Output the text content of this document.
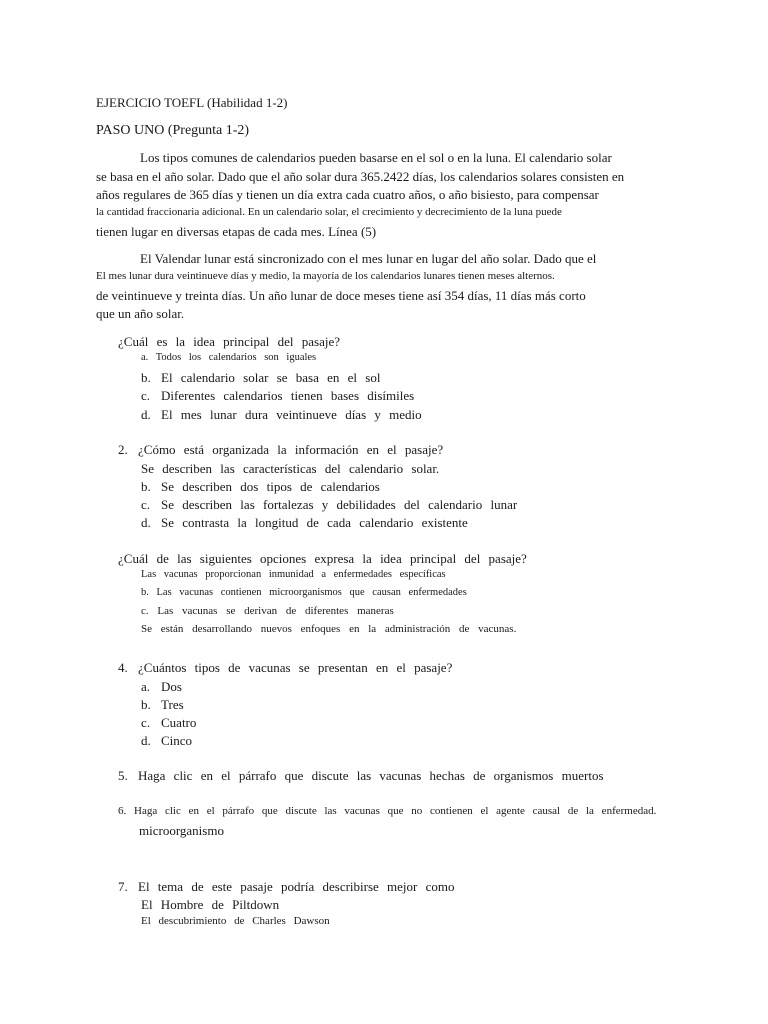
EJERCICIO TOEFL (Habilidad 1-2)
PASO UNO (Pregunta 1-2)
Los tipos comunes de calendarios pueden basarse en el sol o en la luna. El calendario solar
se basa en el año solar. Dado que el año solar dura 365.2422 días, los calendarios solares consisten en
años regulares de 365 días y tienen un día extra cada cuatro años, o año bisiesto, para compensar
la cantidad fraccionaria adicional. En un calendario solar, el crecimiento y decrecimiento de la luna puede
tienen lugar en diversas etapas de cada mes. Línea (5)
El Valendar lunar está sincronizado con el mes lunar en lugar del año solar. Dado que el
El mes lunar dura veintinueve días y medio, la mayoría de los calendarios lunares tienen meses alternos.
de veintinueve y treinta días. Un año lunar de doce meses tiene así 354 días, 11 días más corto
que un año solar.
¿Cuál es la idea principal del pasaje?
a. Todos los calendarios son iguales
b. El calendario solar se basa en el sol
c. Diferentes calendarios tienen bases disímiles
d. El mes lunar dura veintinueve días y medio
2. ¿Cómo está organizada la información en el pasaje?
Se describen las características del calendario solar.
b. Se describen dos tipos de calendarios
c. Se describen las fortalezas y debilidades del calendario lunar
d. Se contrasta la longitud de cada calendario existente
¿Cuál de las siguientes opciones expresa la idea principal del pasaje?
Las vacunas proporcionan inmunidad a enfermedades específicas
b. Las vacunas contienen microorganismos que causan enfermedades
c. Las vacunas se derivan de diferentes maneras
Se están desarrollando nuevos enfoques en la administración de vacunas.
4. ¿Cuántos tipos de vacunas se presentan en el pasaje?
a. Dos
b. Tres
c. Cuatro
d. Cinco
5. Haga clic en el párrafo que discute las vacunas hechas de organismos muertos
6. Haga clic en el párrafo que discute las vacunas que no contienen el agente causal de la enfermedad.
microorganismo
7. El tema de este pasaje podría describirse mejor como
El Hombre de Piltdown
El descubrimiento de Charles Dawson
